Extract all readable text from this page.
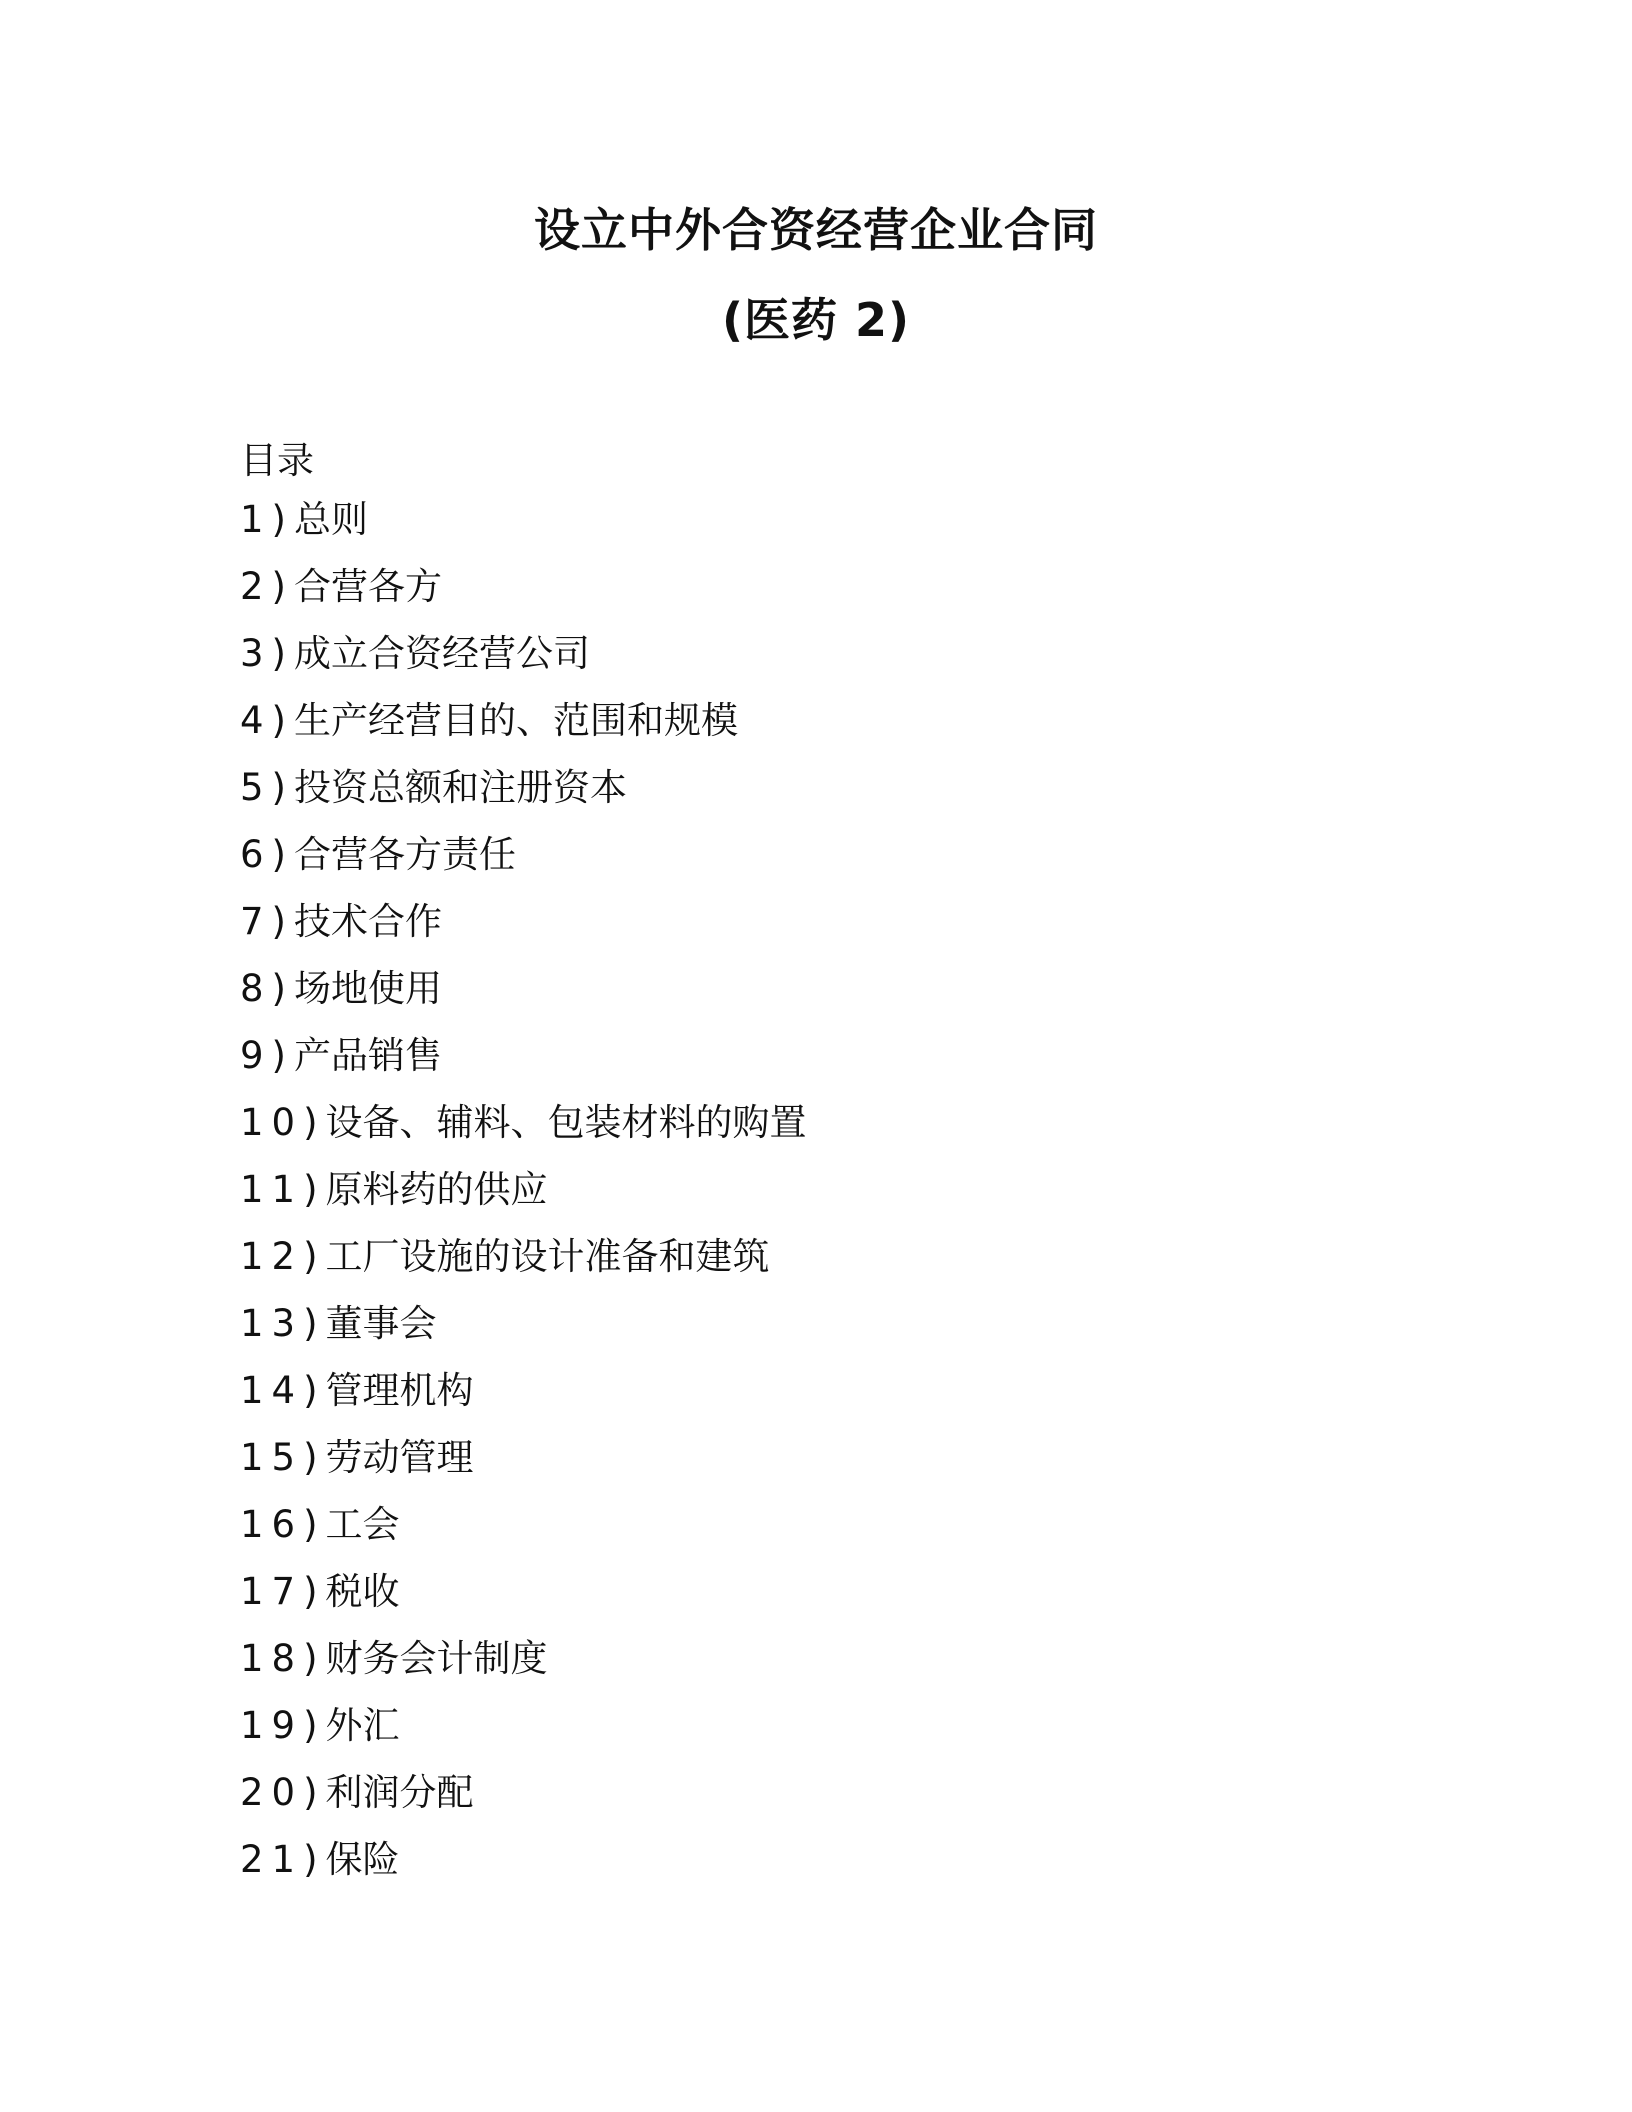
设立中外合资经营企业合同
(医药 2)
目录
1)总则
2)合营各方
3)成立合资经营公司
4)生产经营目的、范围和规模
5)投资总额和注册资本
6)合营各方责任
7)技术合作
8)场地使用
9)产品销售
10)设备、辅料、包装材料的购置
11)原料药的供应
12)工厂设施的设计准备和建筑
13)董事会
14)管理机构
15)劳动管理
16)工会
17)税收
18)财务会计制度
19)外汇
20)利润分配
21)保险
